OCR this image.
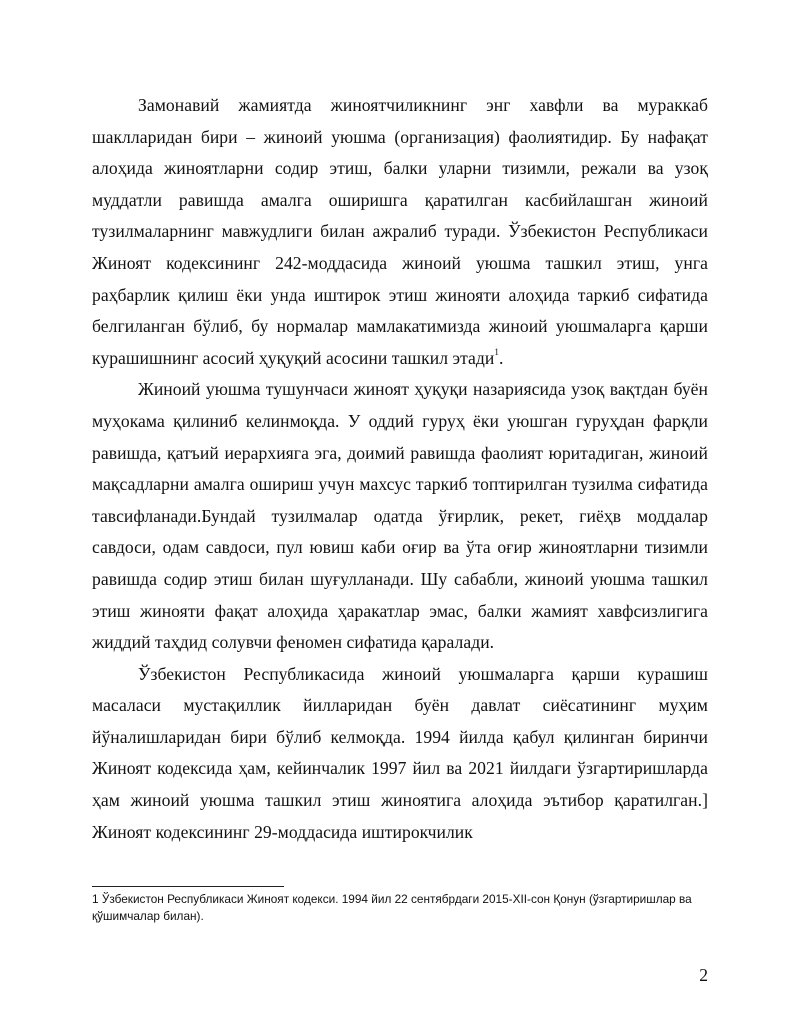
Замонавий жамиятда жиноятчиликнинг энг хавфли ва мураккаб шаклларидан бири – жиноий уюшма (организация) фаолиятидир. Бу нафақат алоҳида жиноятларни содир этиш, балки уларни тизимли, режали ва узоқ муддатли равишда амалга оширишга қаратилган касбийлашган жиноий тузилмаларнинг мавжудлиги билан ажралиб туради. Ўзбекистон Республикаси Жиноят кодексининг 242-моддасида жиноий уюшма ташкил этиш, унга раҳбарлик қилиш ёки унда иштирок этиш жинояти алоҳида таркиб сифатида белгиланган бўлиб, бу нормалар мамлакатимизда жиноий уюшмаларга қарши курашишнинг асосий ҳуқуқий асосини ташкил этади$^1$.

Жиноий уюшма тушунчаси жиноят ҳуқуқи назариясида узоқ вақтдан буён муҳокама қилиниб келинмоқда. У оддий гуруҳ ёки уюшган гуруҳдан фарқли равишда, қатъий иерархияга эга, доимий равишда фаолият юритадиган, жиноий мақсадларни амалга ошириш учун махсус таркиб топтирилган тузилма сифатида тавсифланади.Бундай тузилмалар одатда ўғирлик, рекет, гиёҳв моддалар савдоси, одам савдоси, пул ювиш каби оғир ва ўта оғир жиноятларни тизимли равишда содир этиш билан шуғулланади. Шу сабабли, жиноий уюшма ташкил этиш жинояти фақат алоҳида ҳаракатлар эмас, балки жамият хавфсизлигига жиддий таҳдид солувчи феномен сифатида қаралади.

Ўзбекистон Республикасида жиноий уюшмаларга қарши курашиш масаласи мустақиллик йилларидан буён давлат сиёсатининг муҳим йўналишларидан бири бўлиб келмоқда. 1994 йилда қабул қилинган биринчи Жиноят кодексида ҳам, кейинчалик 1997 йил ва 2021 йилдаги ўзгартиришларда ҳам жиноий уюшма ташкил этиш жиноятига алоҳида эътибор қаратилган.] Жиноят кодексининг 29-моддасида иштирокчилик

1 Ўзбекистон Республикаси Жиноят кодекси. 1994 йил 22 сентябрдаги 2015-XII-сон Қонун (ўзгартиришлар ва қўшимчалар билан).
2
